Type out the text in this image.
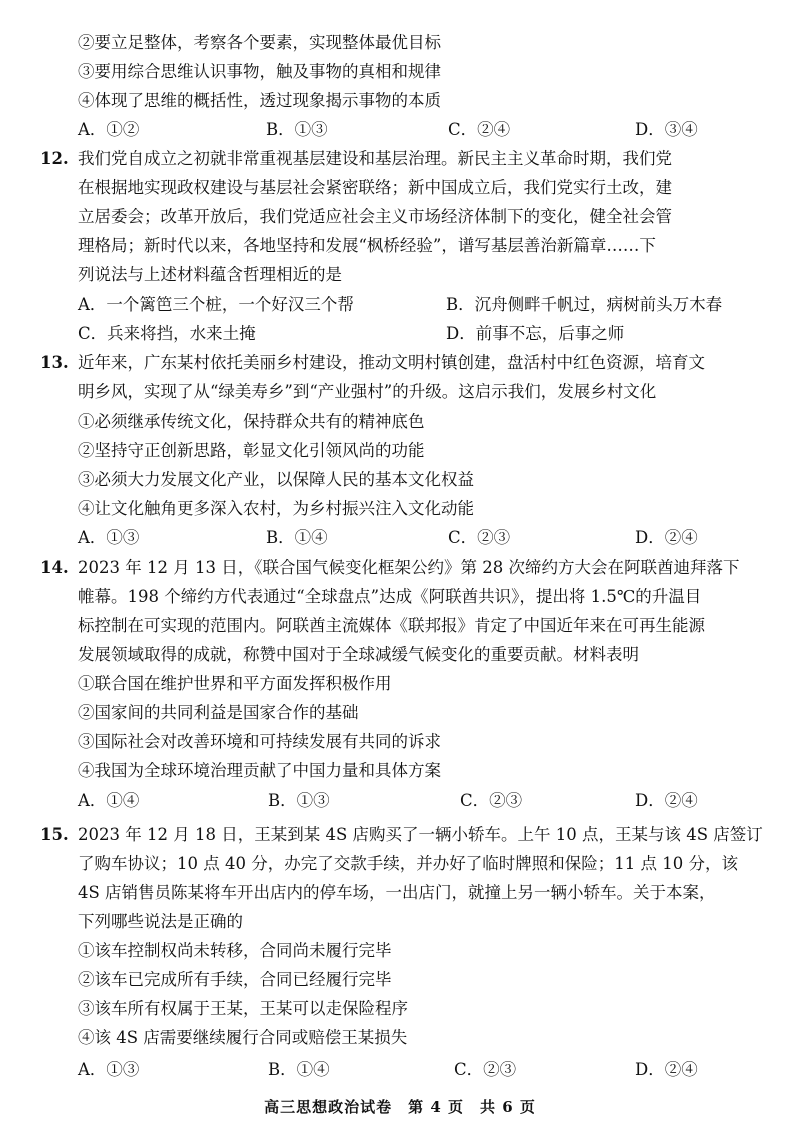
②要立足整体，考察各个要素，实现整体最优目标
③要用综合思维认识事物，触及事物的真相和规律
④体现了思维的概括性，透过现象揭示事物的本质
A．①②	B．①③	C．②④	D．③④
12. 我们党自成立之初就非常重视基层建设和基层治理。新民主主义革命时期，我们党
在根据地实现政权建设与基层社会紧密联络；新中国成立后，我们党实行土改，建
立居委会；改革开放后，我们党适应社会主义市场经济体制下的变化，健全社会管
理格局；新时代以来，各地坚持和发展“枫桥经验”，谱写基层善治新篇章……下
列说法与上述材料蕴含哲理相近的是
A．一个篱笆三个桩，一个好汉三个帮	B．沉舟侧畔千帆过，病树前头万木春
C．兵来将挡，水来土掩	D．前事不忘，后事之师
13. 近年来，广东某村依托美丽乡村建设，推动文明村镇创建，盘活村中红色资源，培育文
明乡风，实现了从“绿美寿乡”到“产业强村”的升级。这启示我们，发展乡村文化
①必须继承传统文化，保持群众共有的精神底色
②坚持守正创新思路，彰显文化引领风尚的功能
③必须大力发展文化产业，以保障人民的基本文化权益
④让文化触角更多深入农村，为乡村振兴注入文化动能
A．①③	B．①④	C．②③	D．②④
14. 2023 年 12 月 13 日，《联合国气候变化框架公约》第 28 次缔约方大会在阿联酋迪拜落下
帷幕。198 个缔约方代表通过“全球盘点”达成《阿联酋共识》，提出将 1.5℃的升温目
标控制在可实现的范围内。阿联酋主流媒体《联邦报》肯定了中国近年来在可再生能源
发展领域取得的成就，称赞中国对于全球减缓气候变化的重要贡献。材料表明
①联合国在维护世界和平方面发挥积极作用
②国家间的共同利益是国家合作的基础
③国际社会对改善环境和可持续发展有共同的诉求
④我国为全球环境治理贡献了中国力量和具体方案
A．①④	B．①③	C．②③	D．②④
15. 2023 年 12 月 18 日，王某到某 4S 店购买了一辆小轿车。上午 10 点，王某与该 4S 店签订
了购车协议；10 点 40 分，办完了交款手续，并办好了临时牌照和保险；11 点 10 分，该
4S 店销售员陈某将车开出店内的停车场，一出店门，就撞上另一辆小轿车。关于本案，
下列哪些说法是正确的
①该车控制权尚未转移，合同尚未履行完毕
②该车已完成所有手续，合同已经履行完毕
③该车所有权属于王某，王某可以走保险程序
④该 4S 店需要继续履行合同或赔偿王某损失
A．①③	B．①④	C．②③	D．②④
高三思想政治试卷　第 4 页　共 6 页
